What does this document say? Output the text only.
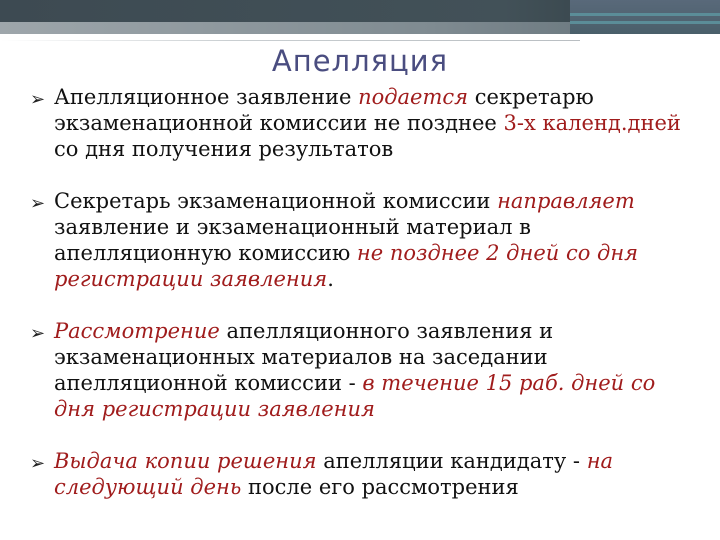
Апелляция
➢ Апелляционное заявление подается секретарю экзаменационной комиссии не позднее 3-х календ.дней со дня получения результатов
➢ Секретарь экзаменационной комиссии направляет заявление и экзаменационный материал в апелляционную комиссию не позднее 2 дней со дня регистрации заявления.
➢ Рассмотрение апелляционного заявления и экзаменационных материалов на заседании апелляционной комиссии - в течение 15 раб. дней со дня регистрации заявления
➢ Выдача копии решения апелляции кандидату - на следующий день после его рассмотрения
